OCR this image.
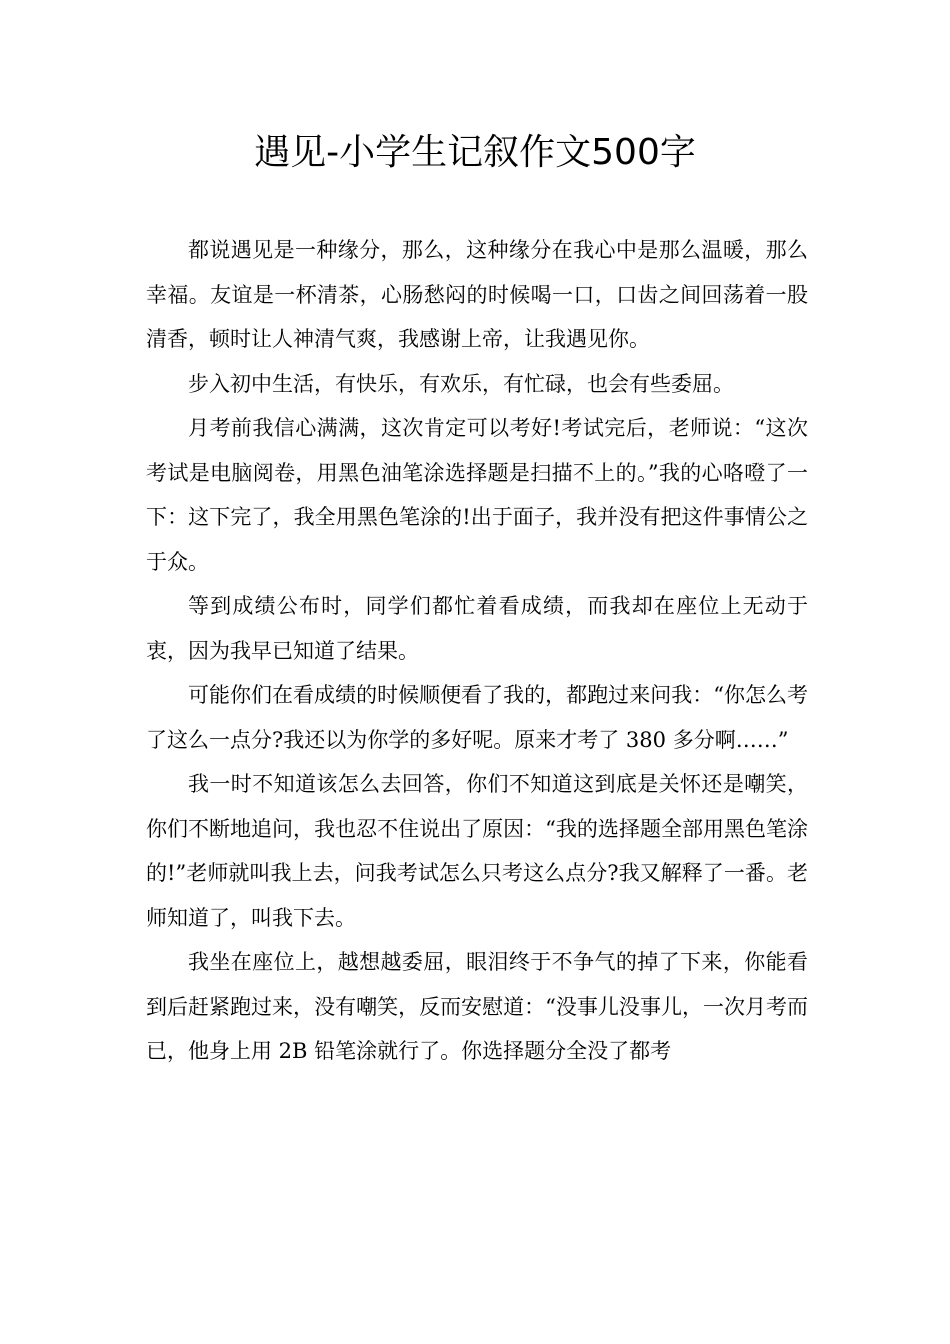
遇见-小学生记叙作文500字

都说遇见是一种缘分，那么，这种缘分在我心中是那么温暖，那么幸福。友谊是一杯清茶，心肠愁闷的时候喝一口，口齿之间回荡着一股清香，顿时让人神清气爽，我感谢上帝，让我遇见你。

步入初中生活，有快乐，有欢乐，有忙碌，也会有些委屈。

月考前我信心满满，这次肯定可以考好!考试完后，老师说：“这次考试是电脑阅卷，用黑色油笔涂选择题是扫描不上的。”我的心咯噔了一下：这下完了，我全用黑色笔涂的!出于面子，我并没有把这件事情公之于众。

等到成绩公布时，同学们都忙着看成绩，而我却在座位上无动于衷，因为我早已知道了结果。

可能你们在看成绩的时候顺便看了我的，都跑过来问我：“你怎么考了这么一点分?我还以为你学的多好呢。原来才考了 380 多分啊……”

我一时不知道该怎么去回答，你们不知道这到底是关怀还是嘲笑，你们不断地追问，我也忍不住说出了原因：“我的选择题全部用黑色笔涂的!”老师就叫我上去，问我考试怎么只考这么点分?我又解释了一番。老师知道了，叫我下去。

我坐在座位上，越想越委屈，眼泪终于不争气的掉了下来，你能看到后赶紧跑过来，没有嘲笑，反而安慰道：“没事儿没事儿，一次月考而已，他身上用 2B 铅笔涂就行了。你选择题分全没了都考
